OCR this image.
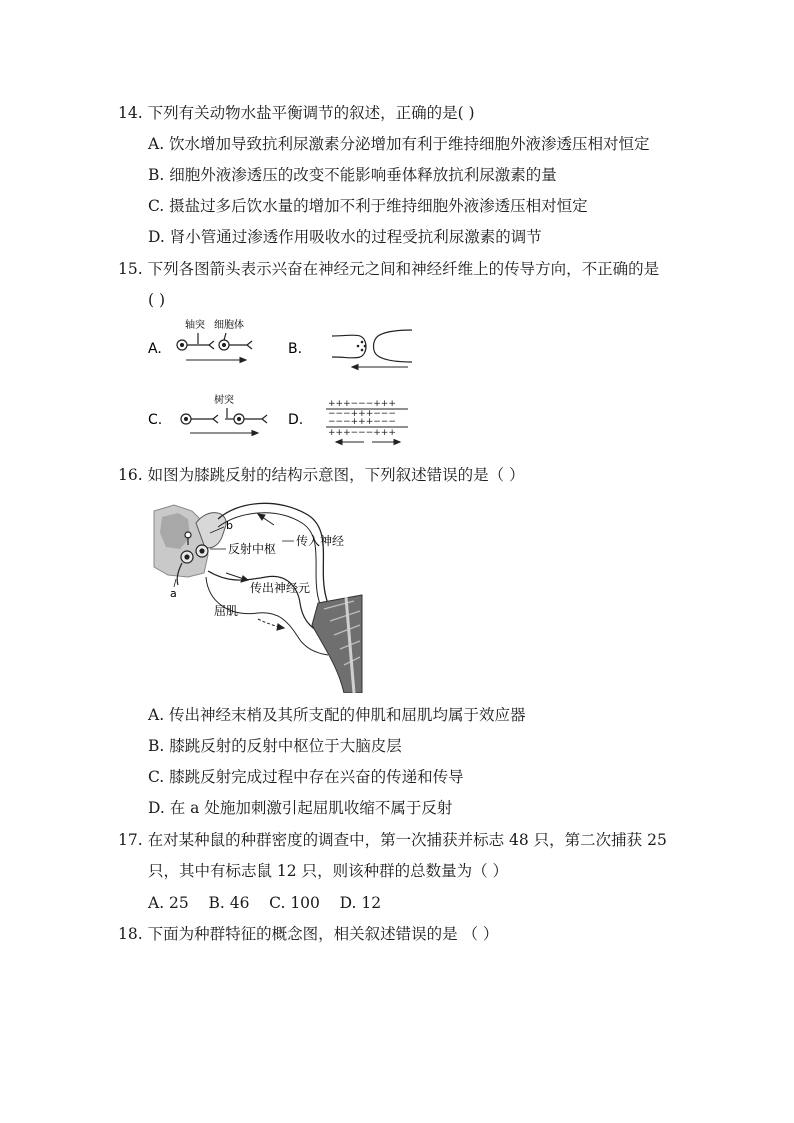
14. 下列有关动物水盐平衡调节的叙述，正确的是( )
A. 饮水增加导致抗利尿激素分泌增加有利于维持细胞外液渗透压相对恒定
B. 细胞外液渗透压的改变不能影响垂体释放抗利尿激素的量
C. 摄盐过多后饮水量的增加不利于维持细胞外液渗透压相对恒定
D. 肾小管通过渗透作用吸收水的过程受抗利尿激素的调节
15. 下列各图箭头表示兴奋在神经元之间和神经纤维上的传导方向，不正确的是
( )
A.
轴突 细胞体
B.
C.
树突
D.
+++−−−+++
−−−+++−−−
−−−+++−−−
+++−−−+++
16. 如图为膝跳反射的结构示意图，下列叙述错误的是（ ）
b
反射中枢
传入神经
传出神经元
a
屈肌
A. 传出神经末梢及其所支配的伸肌和屈肌均属于效应器
B. 膝跳反射的反射中枢位于大脑皮层
C. 膝跳反射完成过程中存在兴奋的传递和传导
D. 在 a 处施加刺激引起屈肌收缩不属于反射
17. 在对某种鼠的种群密度的调查中，第一次捕获并标志 48 只，第二次捕获 25
只，其中有标志鼠 12 只，则该种群的总数量为（ ）
A. 25    B. 46    C. 100    D. 12
18. 下面为种群特征的概念图，相关叙述错误的是 （ ）
